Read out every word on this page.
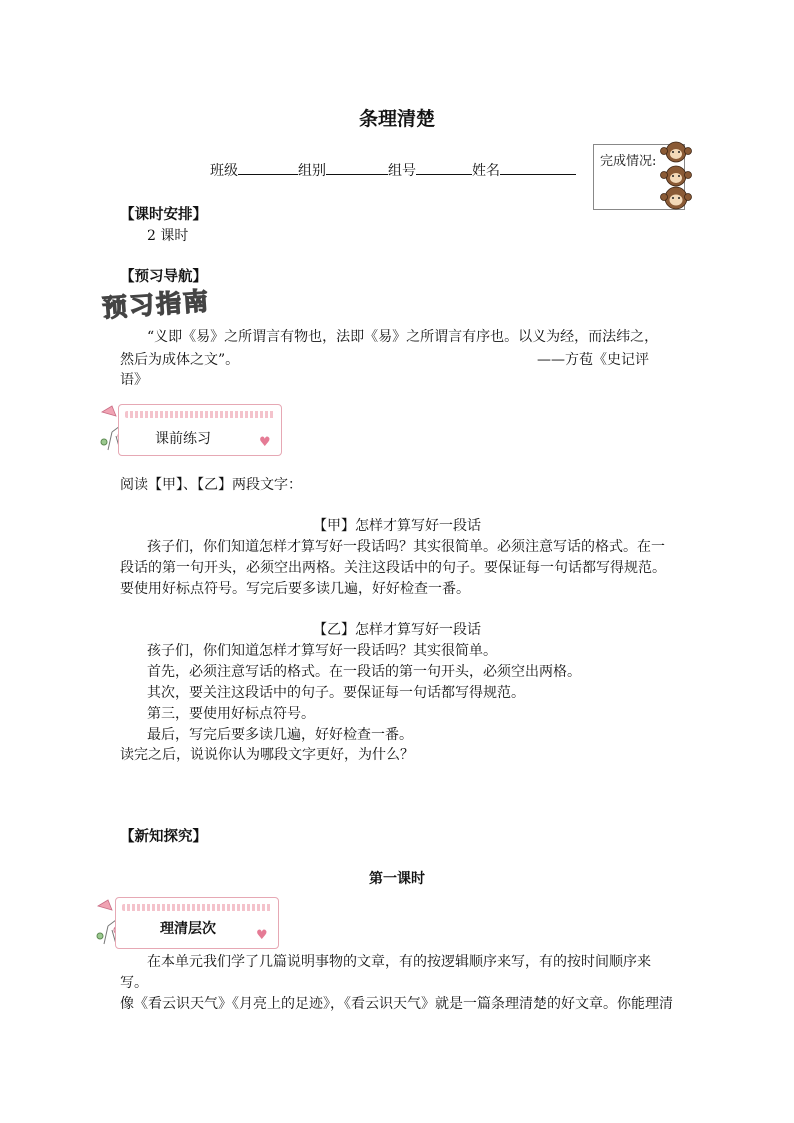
条理清楚
班级	组别	组号	姓名
完成情况:
【课时安排】
2 课时
【预习导航】
预习指南
“义即《易》之所谓言有物也，法即《易》之所谓言有序也。以义为经，而法纬之，
然后为成体之文”。	——方苞《史记评
语》
课前练习	♥
阅读【甲】、【乙】两段文字：
【甲】怎样才算写好一段话
孩子们，你们知道怎样才算写好一段话吗？其实很简单。必须注意写话的格式。在一
段话的第一句开头，必须空出两格。关注这段话中的句子。要保证每一句话都写得规范。
要使用好标点符号。写完后要多读几遍，好好检查一番。
【乙】怎样才算写好一段话
孩子们，你们知道怎样才算写好一段话吗？其实很简单。
首先，必须注意写话的格式。在一段话的第一句开头，必须空出两格。
其次，要关注这段话中的句子。要保证每一句话都写得规范。
第三，要使用好标点符号。
最后，写完后要多读几遍，好好检查一番。
读完之后，说说你认为哪段文字更好，为什么？
【新知探究】
第一课时
理清层次	♥
在本单元我们学了几篇说明事物的文章，有的按逻辑顺序来写，有的按时间顺序来
写。
像《看云识天气》《月亮上的足迹》，《看云识天气》就是一篇条理清楚的好文章。你能理清
